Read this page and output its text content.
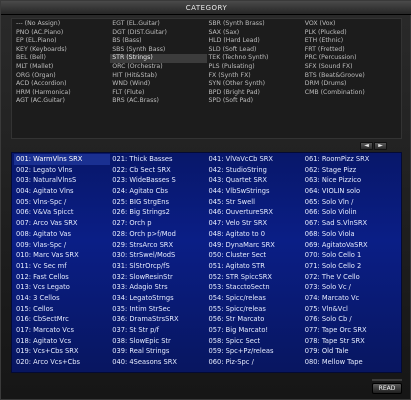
CATEGORY
--- (No Assign)
PNO (AC.Piano)
EP (EL.Piano)
KEY (Keyboards)
BEL (Bell)
MLT (Mallet)
ORG (Organ)
ACD (Accordion)
HRM (Harmonica)
AGT (AC.Guitar)
EGT (EL.Guitar)
DGT (DIST.Guitar)
BS (Bass)
SBS (Synth Bass)
STR (Strings)
ORC (Orchestra)
HIT (Hit&Stab)
WND (Wind)
FLT (Flute)
BRS (AC.Brass)
SBR (Synth Brass)
SAX (Sax)
HLD (Hard Lead)
SLD (Soft Lead)
TEK (Techno Synth)
PLS (Pulsating)
FX (Synth FX)
SYN (Other Synth)
BPD (Bright Pad)
SPD (Soft Pad)
VOX (Vox)
PLK (Plucked)
ETH (Ethnic)
FRT (Fretted)
PRC (Percussion)
SFX (Sound FX)
BTS (Beat&Groove)
DRM (Drums)
CMB (Combination)
◄	►
001: WarmVlns SRX
002: Legato Vlns
003: NaturalVlnsS
004: Agitato Vlns
005: Vlns-Spc /
006: V&Va Spicct
007: Arco Vas SRX
008: Agitato Vas
009: Vlas-Spc /
010: Marc Vas SRX
011: Vc Sec mf
012: Fast Cellos
013: Vcs Legato
014: 3 Cellos
015: Cellos
016: CbSectMrc
017: Marcato Vcs
018: Agitato Vcs
019: Vcs+Cbs SRX
020: Arco Vcs+Cbs
021: Thick Basses
022: Cb Sect SRX
023: WideBasses S
024: Agitato Cbs
025: BIG StrgEns
026: Big Strings2
027: Orch p
028: Orch p>f/Mod
029: StrsArco SRX
030: StrSwel/ModS
031: SlStrOrcp/fS
032: SlowResinStr
033: Adagio Strs
034: LegatoStrngs
035: Intim StrSec
036: DramaStrsSRX
037: St Str p/f
038: SlowEpic Str
039: Real Strings
040: 4Seasons SRX
041: VlVaVcCb SRX
042: StudioString
043: Quartet SRX
044: VlbSwStrings
045: Str Swell
046: OuvertureSRX
047: Velo Str SRX
048: Agitato to 0
049: DynaMarc SRX
050: Cluster Sect
051: Agitato STR
052: STR SpiccSRX
053: StacctoSectn
054: Spicc/releas
055: Spicc/releas
056: Str Marcato
057: Big Marcato!
058: Spicc Sect
059: Spc+Pz/releas
060: Piz-Spc /
061: RoomPizz SRX
062: Stage Pizz
063: Nice Pizzico
064: VIOLIN solo
065: Solo Vln /
066: Solo Violin
067: Sad S.VlnSRX
068: Solo Viola
069: AgitatoVaSRX
070: Solo Cello 1
071: Solo Cello 2
072: The V Cello
073: Solo Vc /
074: Marcato Vc
075: Vln&Vcl
076: Solo Cb /
077: Tape Orc SRX
078: Tape Str SRX
079: Old Tale
080: Mellow Tape
READ
